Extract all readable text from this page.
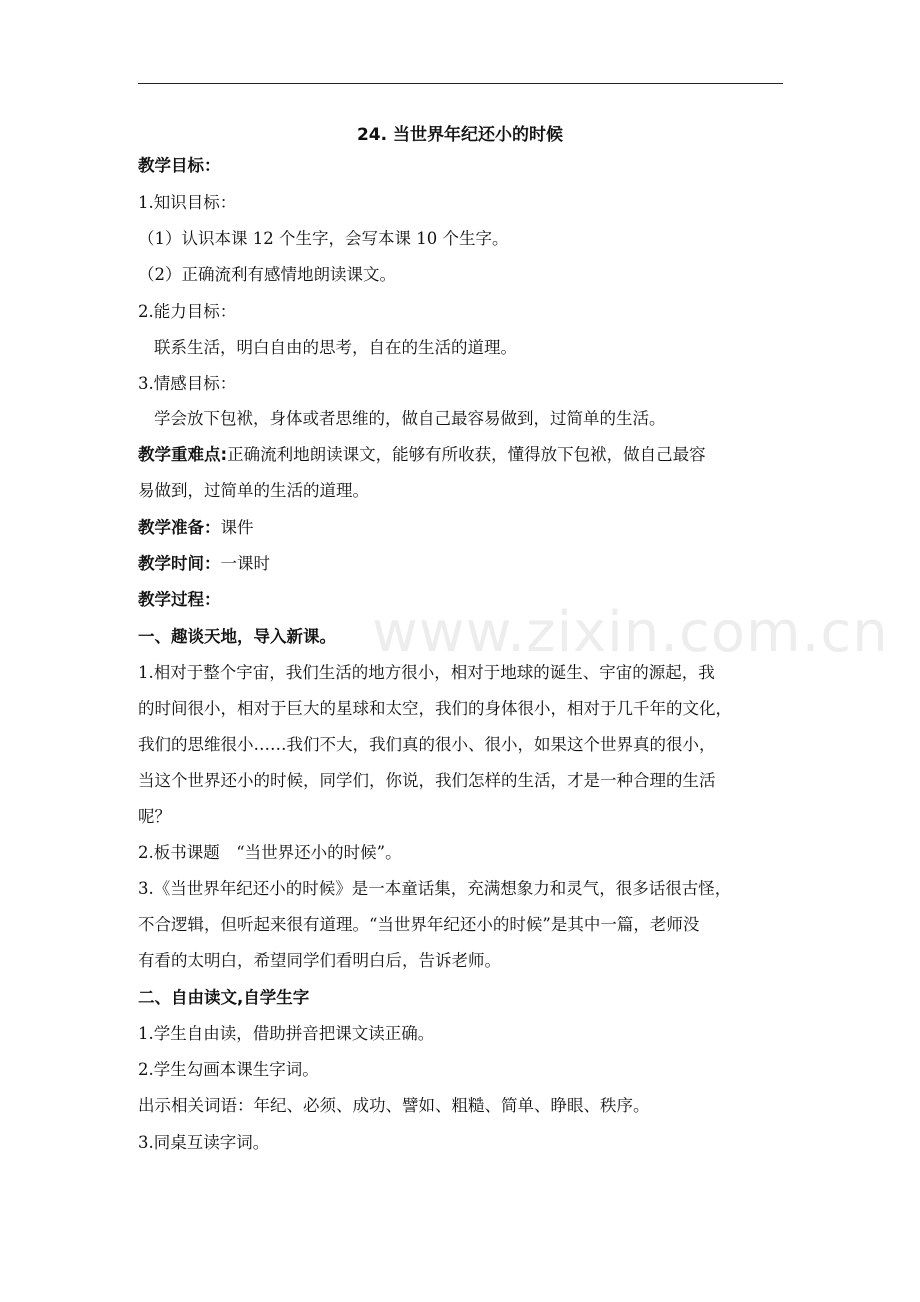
24. 当世界年纪还小的时候
教学目标：
1.知识目标：
（1）认识本课 12 个生字，会写本课 10 个生字。
（2）正确流利有感情地朗读课文。
2.能力目标：
联系生活，明白自由的思考，自在的生活的道理。
3.情感目标：
学会放下包袱，身体或者思维的，做自己最容易做到，过简单的生活。
教学重难点:正确流利地朗读课文，能够有所收获，懂得放下包袱，做自己最容
易做到，过简单的生活的道理。
教学准备：课件
教学时间：一课时
教学过程：
www.zixin.com.cn
一、趣谈天地，导入新课。
1.相对于整个宇宙，我们生活的地方很小，相对于地球的诞生、宇宙的源起，我
的时间很小，相对于巨大的星球和太空，我们的身体很小，相对于几千年的文化，
我们的思维很小……我们不大，我们真的很小、很小，如果这个世界真的很小，
当这个世界还小的时候，同学们，你说，我们怎样的生活，才是一种合理的生活
呢？
2.板书课题　“当世界还小的时候”。
3.《当世界年纪还小的时候》是一本童话集，充满想象力和灵气，很多话很古怪，
不合逻辑，但听起来很有道理。“当世界年纪还小的时候”是其中一篇，老师没
有看的太明白，希望同学们看明白后，告诉老师。
二、自由读文,自学生字
1.学生自由读，借助拼音把课文读正确。
2.学生勾画本课生字词。
出示相关词语：年纪、必须、成功、譬如、粗糙、简单、睁眼、秩序。
3.同桌互读字词。
